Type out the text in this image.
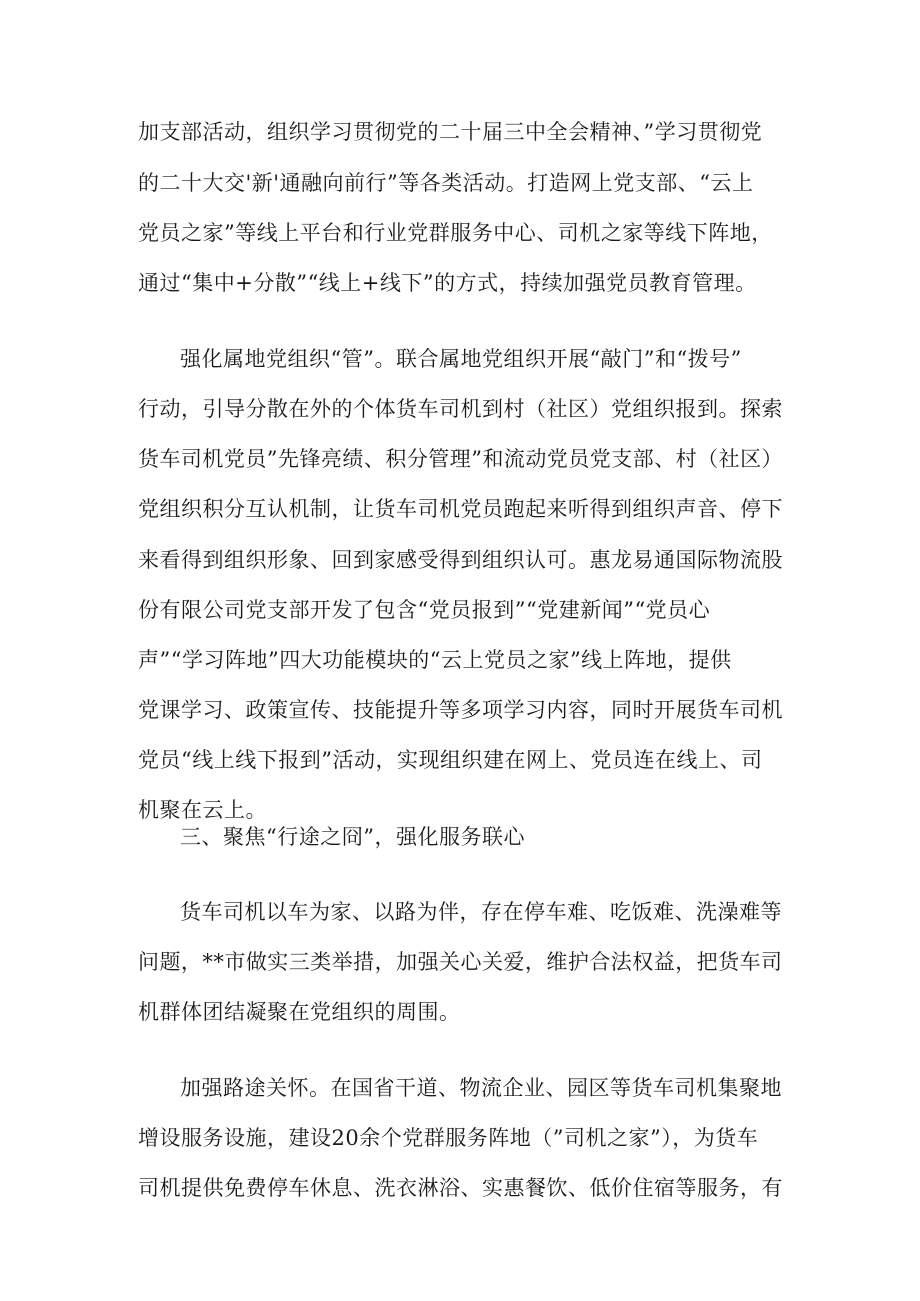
加支部活动，组织学习贯彻党的二十届三中全会精神、”学习贯彻党
的二十大交'新'通融向前行”等各类活动。打造网上党支部、“云上
党员之家”等线上平台和行业党群服务中心、司机之家等线下阵地，
通过“集中+分散”“线上+线下”的方式，持续加强党员教育管理。
强化属地党组织“管”。联合属地党组织开展“敲门”和“拨号”
行动，引导分散在外的个体货车司机到村（社区）党组织报到。探索
货车司机党员”先锋亮绩、积分管理”和流动党员党支部、村（社区）
党组织积分互认机制，让货车司机党员跑起来听得到组织声音、停下
来看得到组织形象、回到家感受得到组织认可。惠龙易通国际物流股
份有限公司党支部开发了包含“党员报到”“党建新闻”“党员心
声”“学习阵地”四大功能模块的“云上党员之家”线上阵地，提供
党课学习、政策宣传、技能提升等多项学习内容，同时开展货车司机
党员“线上线下报到”活动，实现组织建在网上、党员连在线上、司
机聚在云上。
三、聚焦“行途之冏”，强化服务联心
货车司机以车为家、以路为伴，存在停车难、吃饭难、洗澡难等
问题，**市做实三类举措，加强关心关爱，维护合法权益，把货车司
机群体团结凝聚在党组织的周围。
加强路途关怀。在国省干道、物流企业、园区等货车司机集聚地
增设服务设施，建设20余个党群服务阵地（”司机之家”），为货车
司机提供免费停车休息、洗衣淋浴、实惠餐饮、低价住宿等服务，有
